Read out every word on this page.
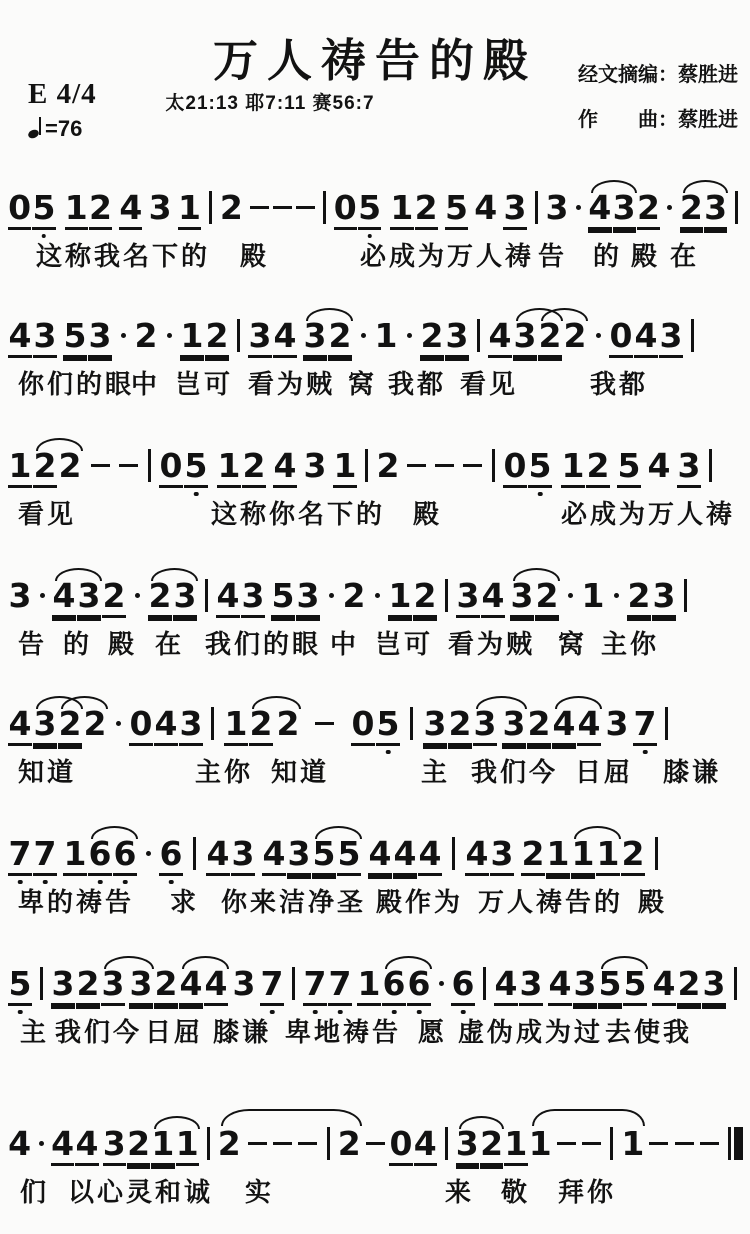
万人祷告的殿
太21:13 耶7:11 赛56:7
经文摘编：蔡胜进
作　　曲：蔡胜进
E 4/4
=76
0 5 1 2 4 3 1 2	0 5 1 2 5 4 3 3 4 3 2 2 3
这称我名下的 殿	必成为万人祷 告 的 殿 在
4 3 5 3 2 1 2 3 4 3 2 1 2 3 4 3 2 2 0 4 3
你们的眼
中 岂可 看为贼 窝 我都 看见	我都
1 2 2 0 5 1 2 4 3 1 2	0 5 1 2 5 4 3
看见	这称你名下的 殿	必成为万人祷
3 4 3 2 2 3 4 3 5 3 2 1 2 3 4 3 2 1 2 3
告 的 殿 在 我们的眼 中 岂可 看为贼 窝 主你
4 3 2 2 0 4 3 1 2 2 0 5 3 2 3 3 2 4 4 3 7
知道	主你 知道	主 我们今 日屈 膝谦
7 7 1 6 6 6 4 3 4 3 5 5 4 4 4 4 3 2 1 1 1 2
卑的祷告 求 你来洁净圣 殿作为 万人祷告的 殿
5 3 2 3 3 2 4 4 3 7 7 7 1 6 6 6 4 3 4 3 5 5 4 2 3
主 我们今 日屈 膝谦 卑地祷告 愿 虚伪成为过 去使我
4 4 4 3 2 1 1 2	2 0 4 3 2 1 1 1
们 以心灵和诚 实	来 敬 拜你
